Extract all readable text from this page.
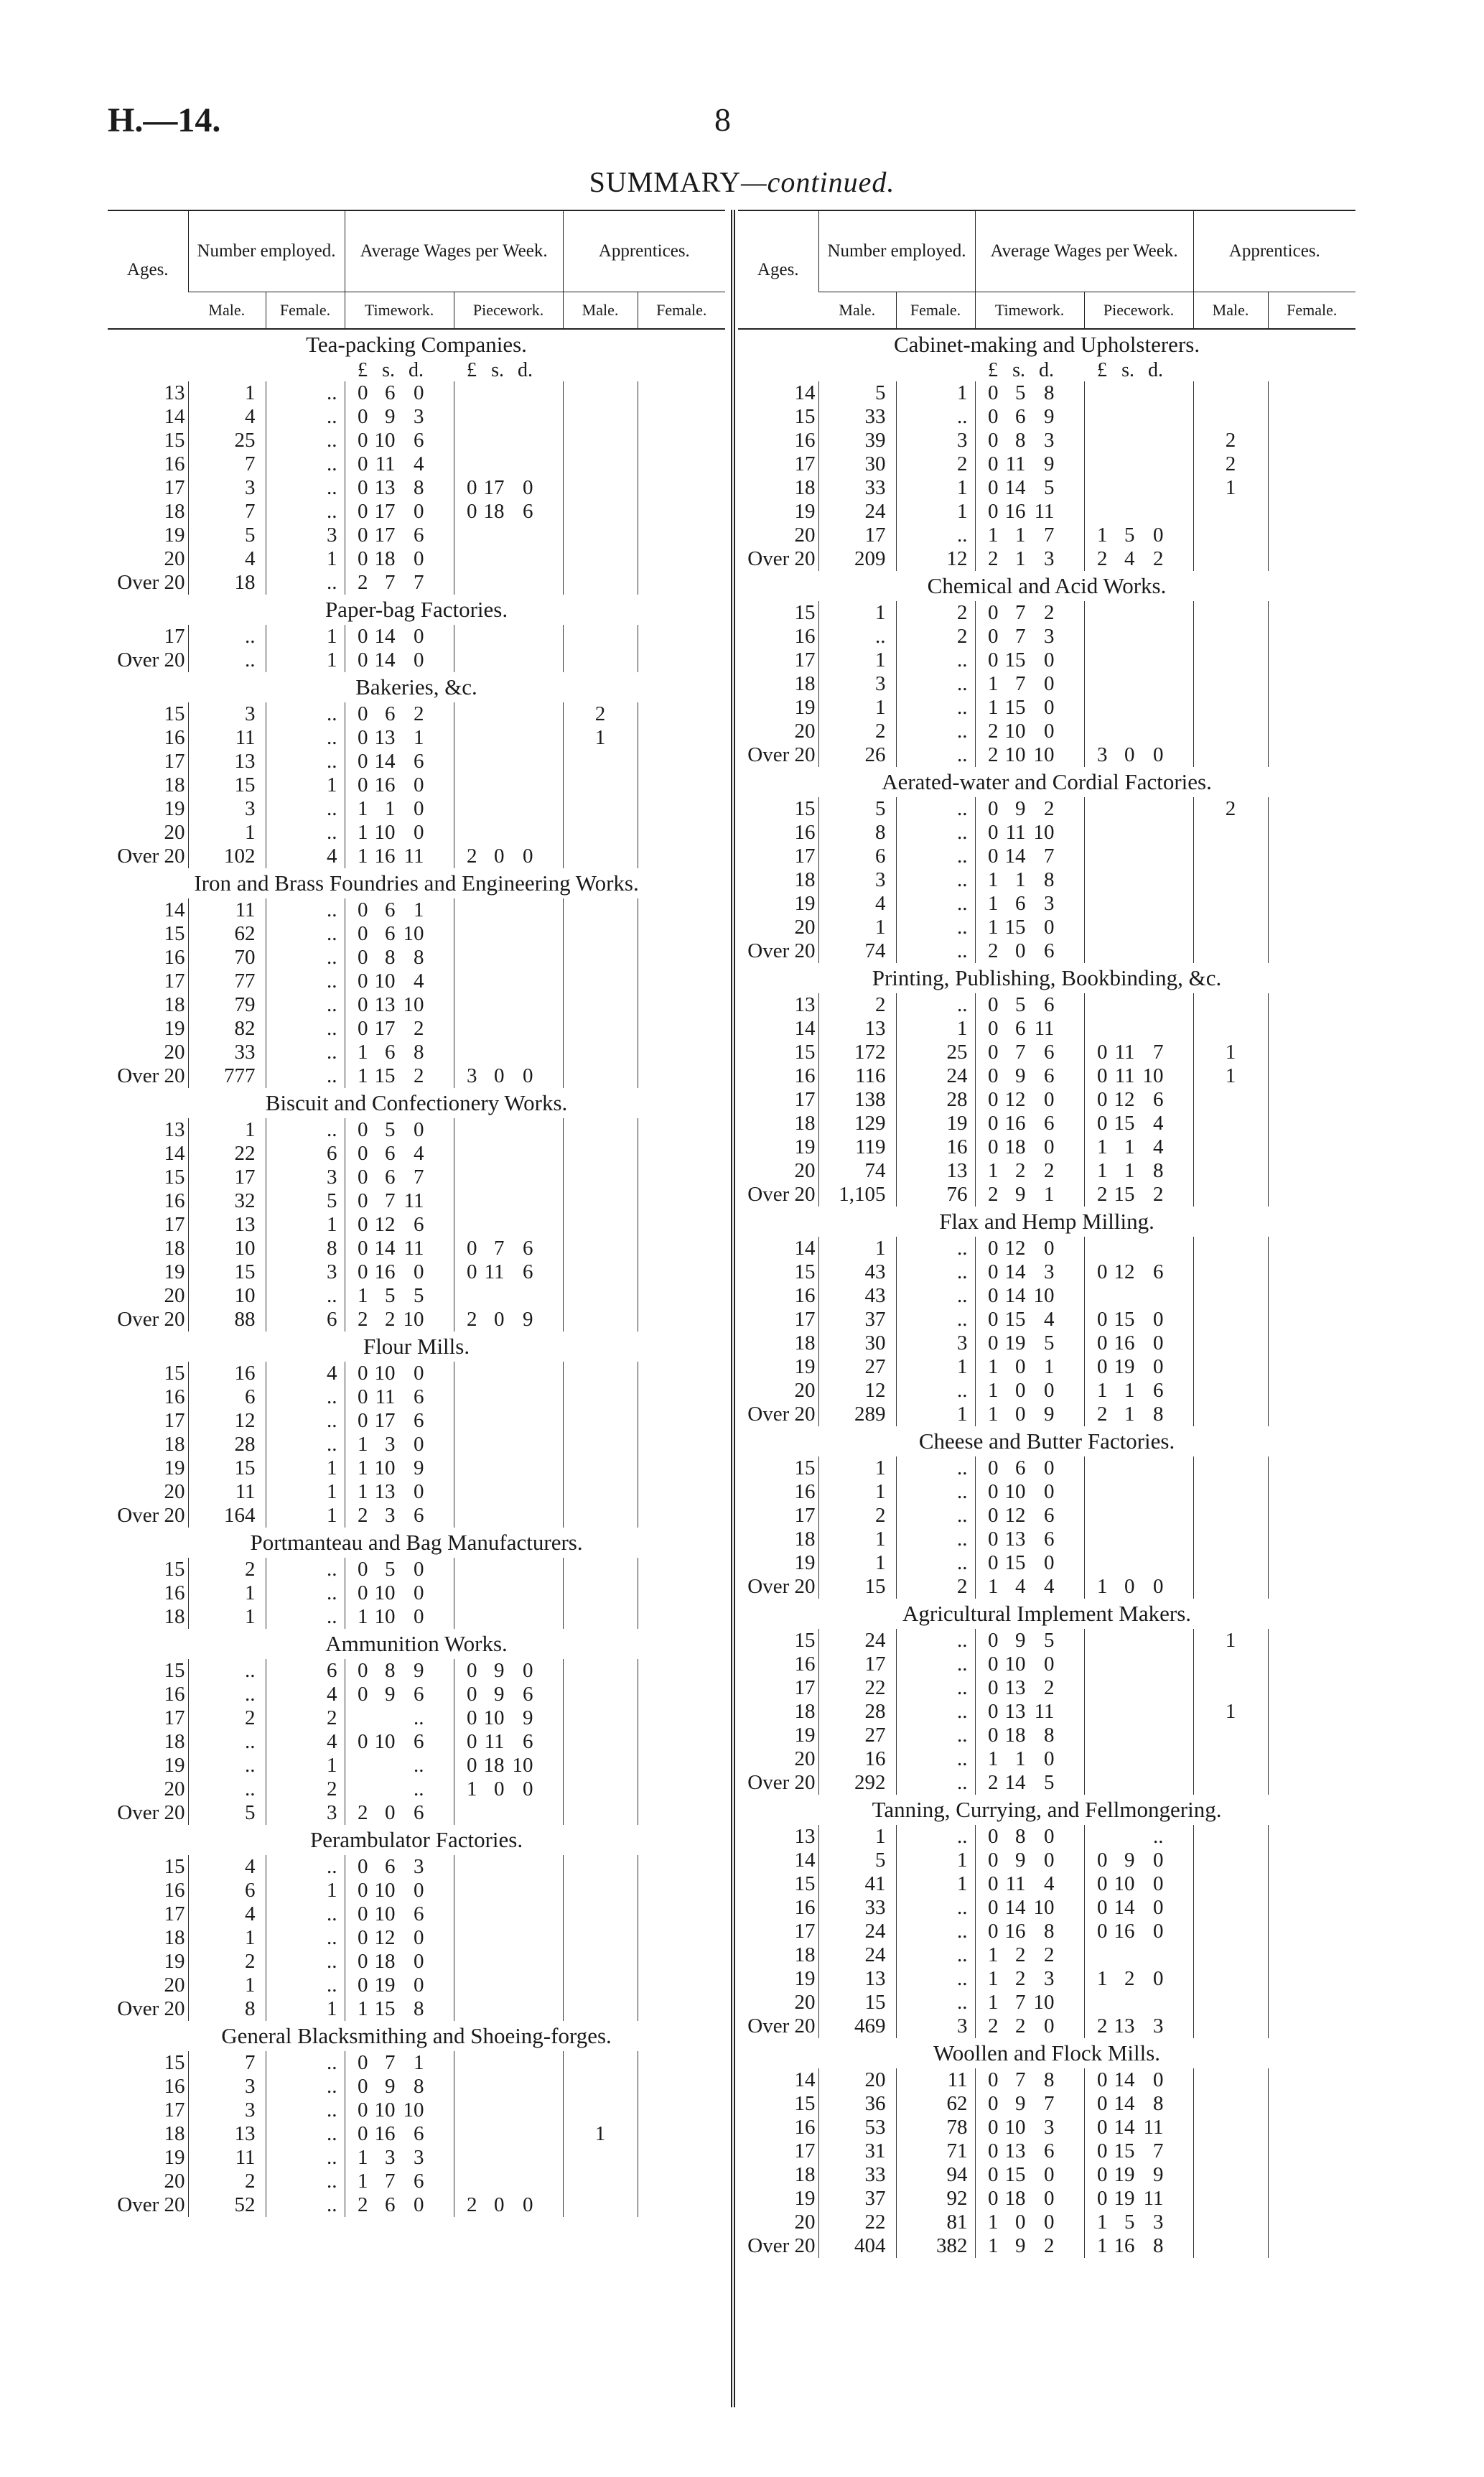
H.—14.	8
SUMMARY—continued.
Ages.	Number employed.		Average Wages per Week.		Apprentices.	
	Male.	Female.	Timework.	Piecework.	Male.	Female.
Tea-packing Companies.						
			£ s. d.	£ s. d.		
13	1	..	0 6 0			
14	4	..	0 9 3			
15	25	..	0 10 6			
16	7	..	0 11 4			
17	3	..	0 13 8	0 17 0		
18	7	..	0 17 0	0 18 6		
19	5	3	0 17 6			
20	4	1	0 18 0			
Over 20	18	..	2 7 7			
Paper-bag Factories.						
17	..	1	0 14 0			
Over 20	..	1	0 14 0			
Bakeries, &c.						
15	3	..	0 6 2		2	
16	11	..	0 13 1		1	
17	13	..	0 14 6			
18	15	1	0 16 0			
19	3	..	1 1 0			
20	1	..	1 10 0			
Over 20	102	4	1 16 11	2 0 0		
Iron and Brass Foundries and Engineering Works.						
14	11	..	0 6 1			
15	62	..	0 6 10			
16	70	..	0 8 8			
17	77	..	0 10 4			
18	79	..	0 13 10			
19	82	..	0 17 2			
20	33	..	1 6 8			
Over 20	777	..	1 15 2	3 0 0		
Biscuit and Confectionery Works.						
13	1	..	0 5 0			
14	22	6	0 6 4			
15	17	3	0 6 7			
16	32	5	0 7 11			
17	13	1	0 12 6			
18	10	8	0 14 11	0 7 6		
19	15	3	0 16 0	0 11 6		
20	10	..	1 5 5			
Over 20	88	6	2 2 10	2 0 9		
Flour Mills.						
15	16	4	0 10 0			
16	6	..	0 11 6			
17	12	..	0 17 6			
18	28	..	1 3 0			
19	15	1	1 10 9			
20	11	1	1 13 0			
Over 20	164	1	2 3 6			
Portmanteau and Bag Manufacturers.						
15	2	..	0 5 0			
16	1	..	0 10 0			
18	1	..	1 10 0			
Ammunition Works.						
15	..	6	0 8 9	0 9 0		
16	..	4	0 9 6	0 9 6		
17	2	2	..	0 10 9		
18	..	4	0 10 6	0 11 6		
19	..	1	..	0 18 10		
20	..	2	..	1 0 0		
Over 20	5	3	2 0 6			
Perambulator Factories.						
15	4	..	0 6 3			
16	6	1	0 10 0			
17	4	..	0 10 6			
18	1	..	0 12 0			
19	2	..	0 18 0			
20	1	..	0 19 0			
Over 20	8	1	1 15 8			
General Blacksmithing and Shoeing-forges.						
15	7	..	0 7 1			
16	3	..	0 9 8			
17	3	..	0 10 10			
18	13	..	0 16 6		1	
19	11	..	1 3 3			
20	2	..	1 7 6			
Over 20	52	..	2 6 0	2 0 0		
Ages.	Number employed.		Average Wages per Week.		Apprentices.	
	Male.	Female.	Timework.	Piecework.	Male.	Female.
Cabinet-making and Upholsterers.						
			£ s. d.	£ s. d.		
14	5	1	0 5 8			
15	33	..	0 6 9			
16	39	3	0 8 3		2	
17	30	2	0 11 9		2	
18	33	1	0 14 5		1	
19	24	1	0 16 11			
20	17	..	1 1 7	1 5 0		
Over 20	209	12	2 1 3	2 4 2		
Chemical and Acid Works.						
15	1	2	0 7 2			
16	..	2	0 7 3			
17	1	..	0 15 0			
18	3	..	1 7 0			
19	1	..	1 15 0			
20	2	..	2 10 0			
Over 20	26	..	2 10 10	3 0 0		
Aerated-water and Cordial Factories.						
15	5	..	0 9 2		2	
16	8	..	0 11 10			
17	6	..	0 14 7			
18	3	..	1 1 8			
19	4	..	1 6 3			
20	1	..	1 15 0			
Over 20	74	..	2 0 6			
Printing, Publishing, Bookbinding, &c.						
13	2	..	0 5 6			
14	13	1	0 6 11			
15	172	25	0 7 6	0 11 7	1	
16	116	24	0 9 6	0 11 10	1	
17	138	28	0 12 0	0 12 6		
18	129	19	0 16 6	0 15 4		
19	119	16	0 18 0	1 1 4		
20	74	13	1 2 2	1 1 8		
Over 20	1,105	76	2 9 1	2 15 2		
Flax and Hemp Milling.						
14	1	..	0 12 0			
15	43	..	0 14 3	0 12 6		
16	43	..	0 14 10			
17	37	..	0 15 4	0 15 0		
18	30	3	0 19 5	0 16 0		
19	27	1	1 0 1	0 19 0		
20	12	..	1 0 0	1 1 6		
Over 20	289	1	1 0 9	2 1 8		
Cheese and Butter Factories.						
15	1	..	0 6 0			
16	1	..	0 10 0			
17	2	..	0 12 6			
18	1	..	0 13 6			
19	1	..	0 15 0			
Over 20	15	2	1 4 4	1 0 0		
Agricultural Implement Makers.						
15	24	..	0 9 5		1	
16	17	..	0 10 0			
17	22	..	0 13 2			
18	28	..	0 13 11		1	
19	27	..	0 18 8			
20	16	..	1 1 0			
Over 20	292	..	2 14 5			
Tanning, Currying, and Fellmongering.						
13	1	..	0 8 0	..		
14	5	1	0 9 0	0 9 0		
15	41	1	0 11 4	0 10 0		
16	33	..	0 14 10	0 14 0		
17	24	..	0 16 8	0 16 0		
18	24	..	1 2 2			
19	13	..	1 2 3	1 2 0		
20	15	..	1 7 10			
Over 20	469	3	2 2 0	2 13 3		
Woollen and Flock Mills.						
14	20	11	0 7 8	0 14 0		
15	36	62	0 9 7	0 14 8		
16	53	78	0 10 3	0 14 11		
17	31	71	0 13 6	0 15 7		
18	33	94	0 15 0	0 19 9		
19	37	92	0 18 0	0 19 11		
20	22	81	1 0 0	1 5 3		
Over 20	404	382	1 9 2	1 16 8		
